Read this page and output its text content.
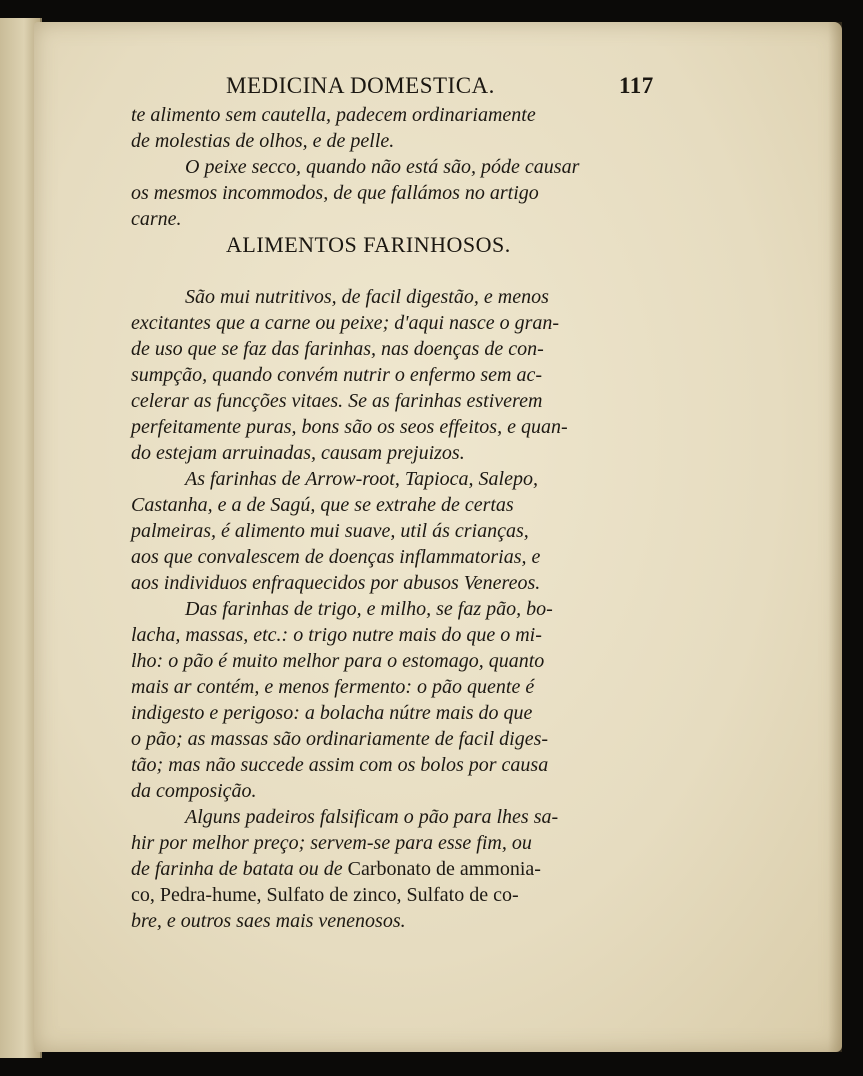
MEDICINA DOMESTICA.	117
te alimento sem cautella, padecem ordinariamente
de molestias de olhos, e de pelle.
O peixe secco, quando não está são, póde causar
os mesmos incommodos, de que fallámos no artigo
carne.
ALIMENTOS FARINHOSOS.
São mui nutritivos, de facil digestão, e menos
excitantes que a carne ou peixe; d'aqui nasce o gran-
de uso que se faz das farinhas, nas doenças de con-
sumpção, quando convém nutrir o enfermo sem ac-
celerar as funcções vitaes. Se as farinhas estiverem
perfeitamente puras, bons são os seos effeitos, e quan-
do estejam arruinadas, causam prejuizos.
As farinhas de Arrow-root, Tapioca, Salepo,
Castanha, e a de Sagú, que se extrahe de certas
palmeiras, é alimento mui suave, util ás crianças,
aos que convalescem de doenças inflammatorias, e
aos individuos enfraquecidos por abusos Venereos.
Das farinhas de trigo, e milho, se faz pão, bo-
lacha, massas, etc.: o trigo nutre mais do que o mi-
lho: o pão é muito melhor para o estomago, quanto
mais ar contém, e menos fermento: o pão quente é
indigesto e perigoso: a bolacha nútre mais do que
o pão; as massas são ordinariamente de facil diges-
tão; mas não succede assim com os bolos por causa
da composição.
Alguns padeiros falsificam o pão para lhes sa-
hir por melhor preço; servem-se para esse fim, ou
de farinha de batata ou de Carbonato de ammonia-
co, Pedra-hume, Sulfato de zinco, Sulfato de co-
bre, e outros saes mais venenosos.
